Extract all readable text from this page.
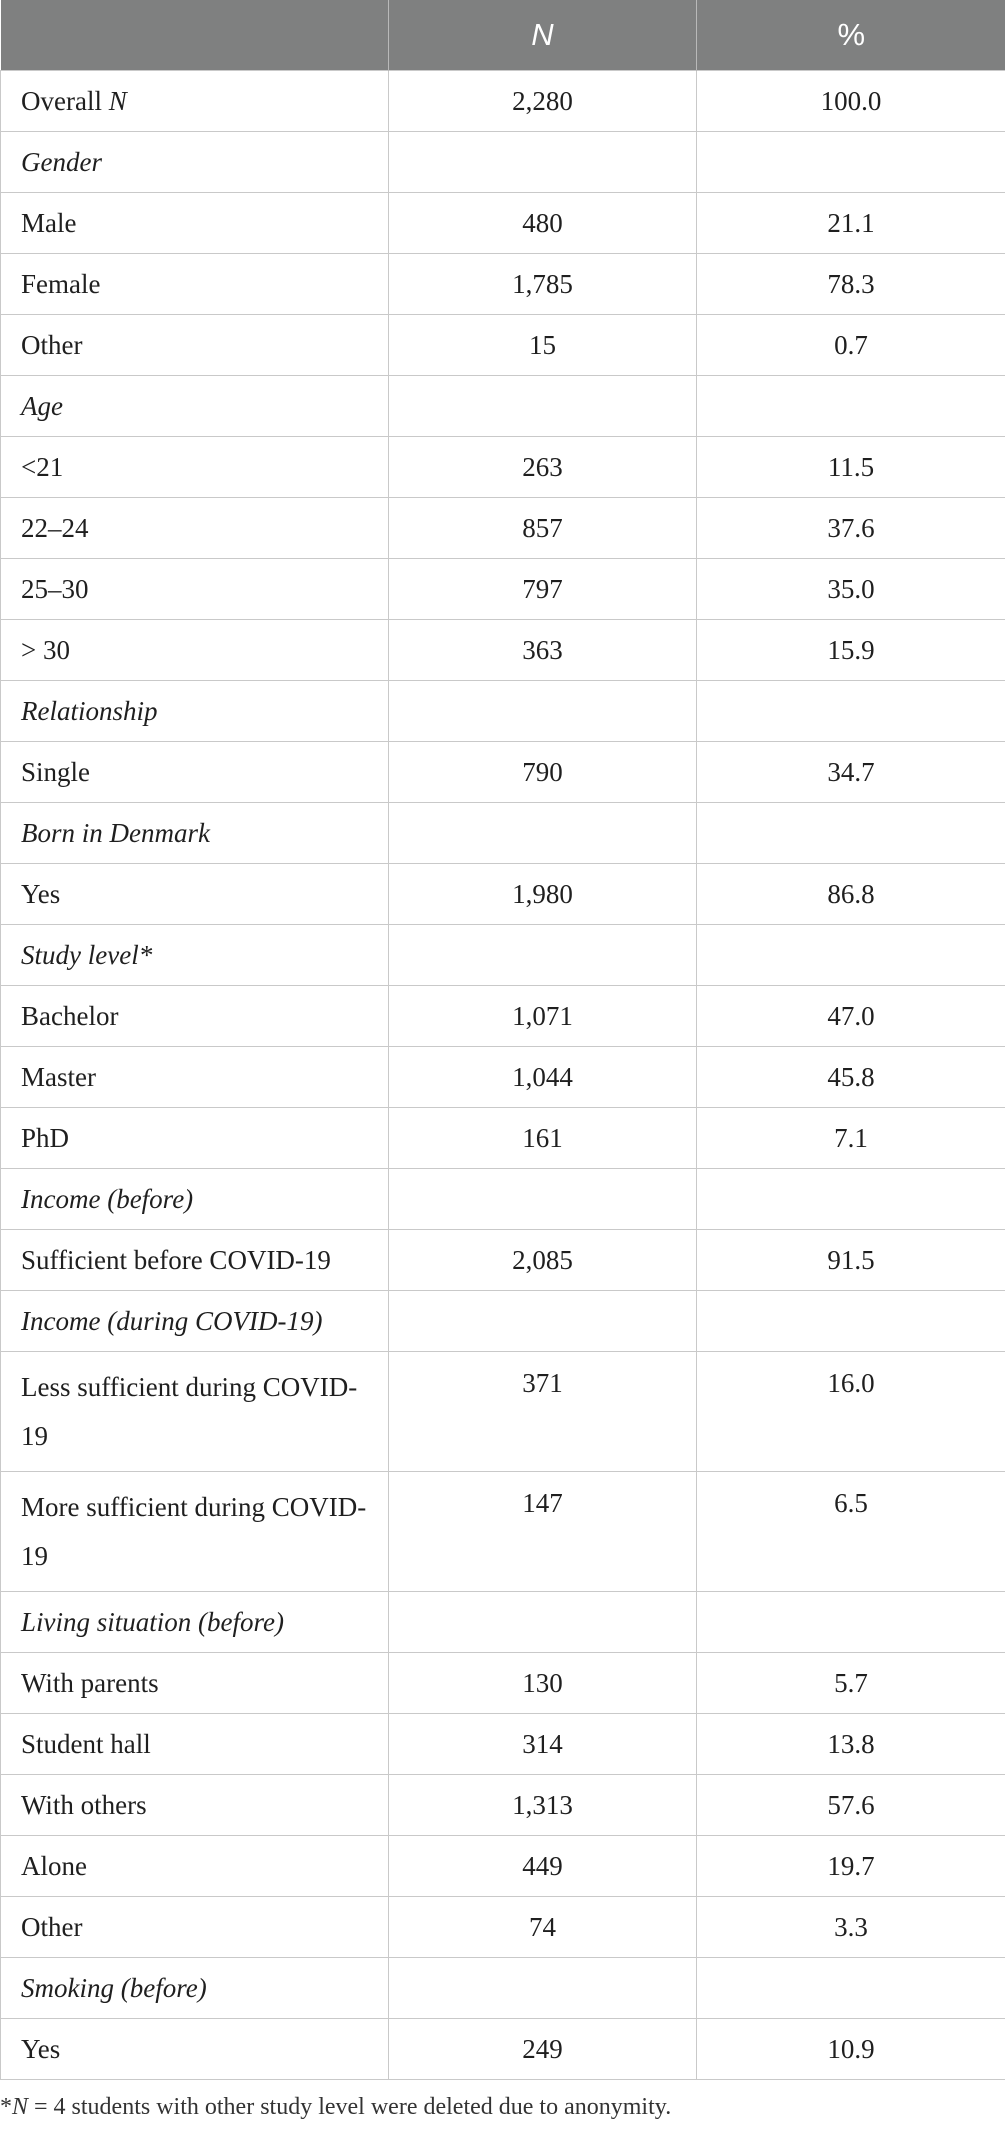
	N	%
Overall N	2,280	100.0
Gender		
Male	480	21.1
Female	1,785	78.3
Other	15	0.7
Age		
<21	263	11.5
22–24	857	37.6
25–30	797	35.0
> 30	363	15.9
Relationship		
Single	790	34.7
Born in Denmark		
Yes	1,980	86.8
Study level*		
Bachelor	1,071	47.0
Master	1,044	45.8
PhD	161	7.1
Income (before)		
Sufficient before COVID-19	2,085	91.5
Income (during COVID-19)		
Less sufficient during COVID-19	371	16.0
More sufficient during COVID-19	147	6.5
Living situation (before)		
With parents	130	5.7
Student hall	314	13.8
With others	1,313	57.6
Alone	449	19.7
Other	74	3.3
Smoking (before)		
Yes	249	10.9

*N = 4 students with other study level were deleted due to anonymity.
